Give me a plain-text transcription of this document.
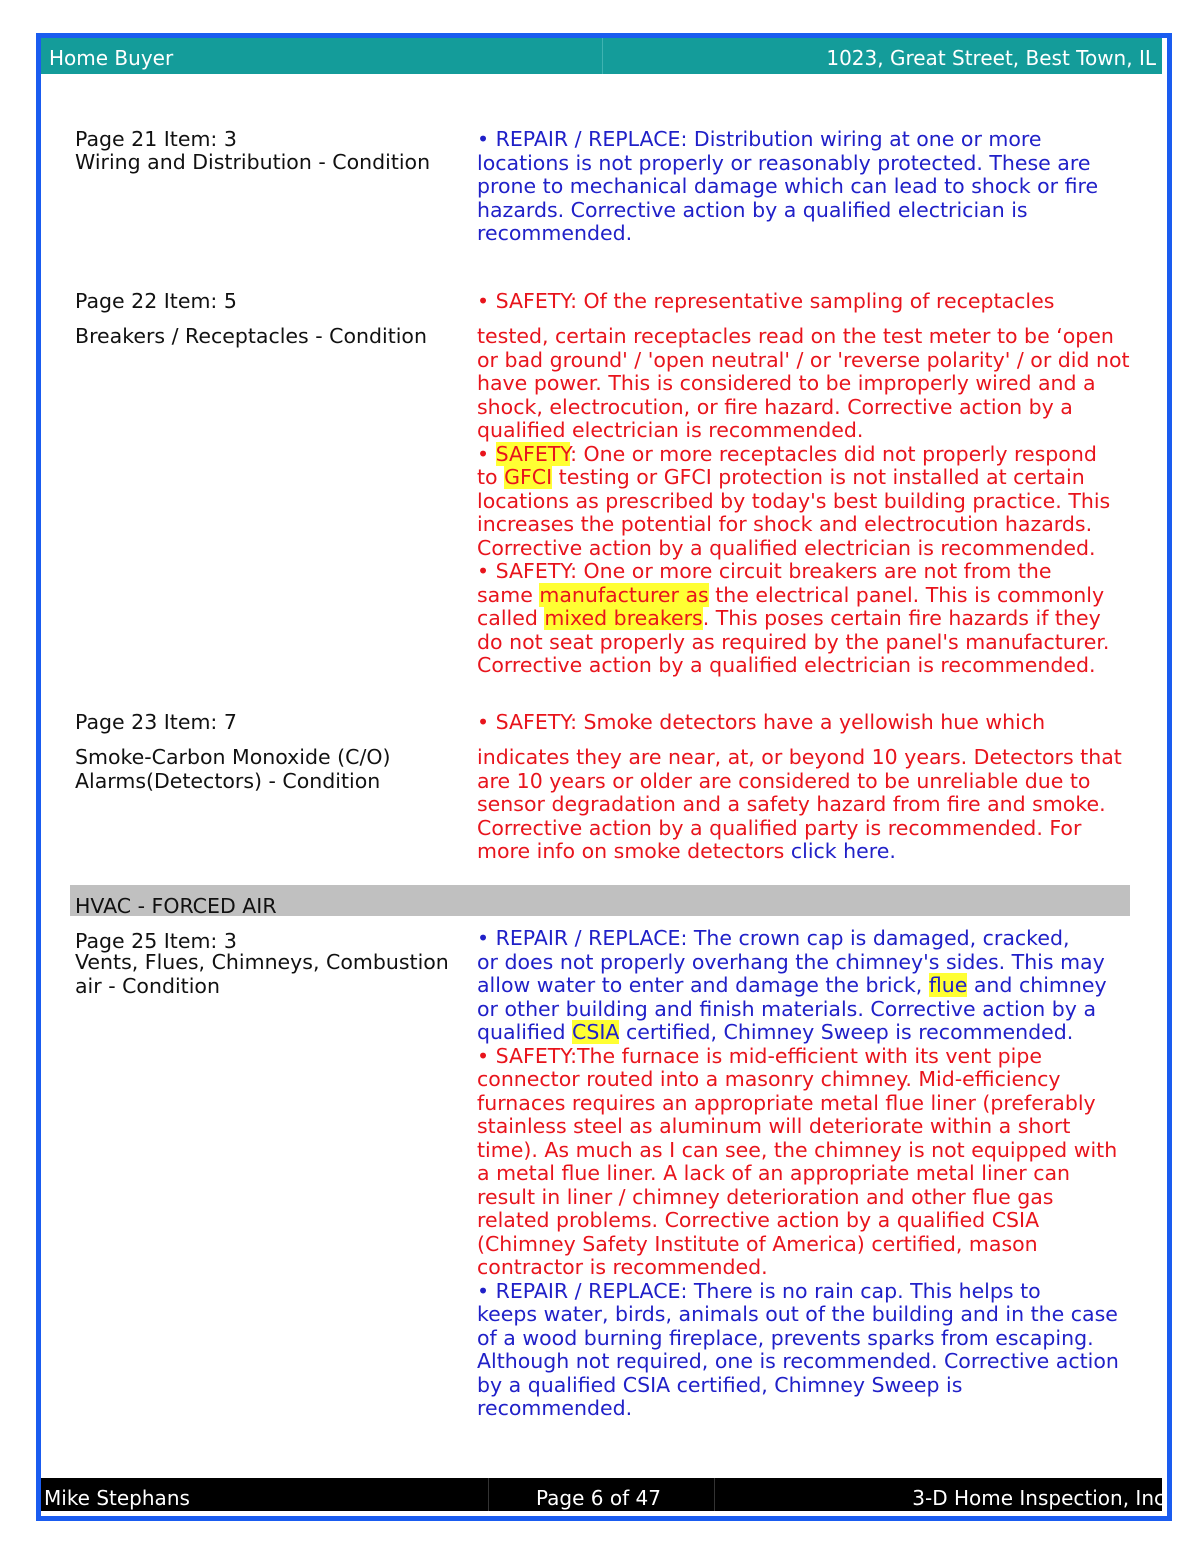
Home Buyer	1023, Great Street, Best Town, IL
Page 21 Item: 3
Wiring and Distribution - Condition
• REPAIR / REPLACE: Distribution wiring at one or more
locations is not properly or reasonably protected. These are
prone to mechanical damage which can lead to shock or fire
hazards. Corrective action by a qualified electrician is
recommended.
Page 22 Item: 5
Breakers / Receptacles - Condition
• SAFETY: Of the representative sampling of receptacles
tested, certain receptacles read on the test meter to be ‘open
or bad ground' / 'open neutral' / or 'reverse polarity' / or did not
have power. This is considered to be improperly wired and a
shock, electrocution, or fire hazard. Corrective action by a
qualified electrician is recommended.
• SAFETY: One or more receptacles did not properly respond
to GFCI testing or GFCI protection is not installed at certain
locations as prescribed by today's best building practice. This
increases the potential for shock and electrocution hazards.
Corrective action by a qualified electrician is recommended.
• SAFETY: One or more circuit breakers are not from the
same manufacturer as the electrical panel. This is commonly
called mixed breakers. This poses certain fire hazards if they
do not seat properly as required by the panel's manufacturer.
Corrective action by a qualified electrician is recommended.
Page 23 Item: 7
Smoke-Carbon Monoxide (C/O)
Alarms(Detectors) - Condition
• SAFETY: Smoke detectors have a yellowish hue which
indicates they are near, at, or beyond 10 years. Detectors that
are 10 years or older are considered to be unreliable due to
sensor degradation and a safety hazard from fire and smoke.
Corrective action by a qualified party is recommended. For
more info on smoke detectors click here.
HVAC - FORCED AIR
Page 25 Item: 3
Vents, Flues, Chimneys, Combustion
air - Condition
• REPAIR / REPLACE: The crown cap is damaged, cracked,
or does not properly overhang the chimney's sides. This may
allow water to enter and damage the brick, flue and chimney
or other building and finish materials. Corrective action by a
qualified CSIA certified, Chimney Sweep is recommended.
• SAFETY:The furnace is mid-efficient with its vent pipe
connector routed into a masonry chimney. Mid-efficiency
furnaces requires an appropriate metal flue liner (preferably
stainless steel as aluminum will deteriorate within a short
time). As much as I can see, the chimney is not equipped with
a metal flue liner. A lack of an appropriate metal liner can
result in liner / chimney deterioration and other flue gas
related problems. Corrective action by a qualified CSIA
(Chimney Safety Institute of America) certified, mason
contractor is recommended.
• REPAIR / REPLACE: There is no rain cap. This helps to
keeps water, birds, animals out of the building and in the case
of a wood burning fireplace, prevents sparks from escaping.
Although not required, one is recommended. Corrective action
by a qualified CSIA certified, Chimney Sweep is
recommended.
Mike Stephans	Page 6 of 47	3-D Home Inspection, Inc
